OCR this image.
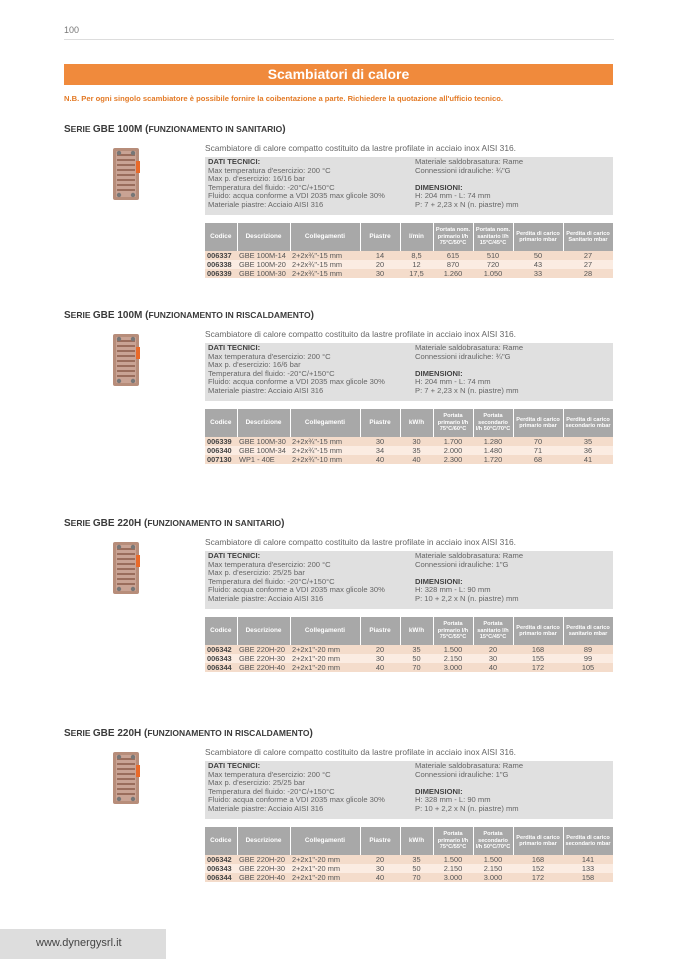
100
Scambiatori di calore
N.B. Per ogni singolo scambiatore è possibile fornire la coibentazione a parte. Richiedere la quotazione all'ufficio tecnico.
SERIE GBE 100M (FUNZIONAMENTO IN SANITARIO)
Scambiatore di calore compatto costituito da lastre profilate in acciaio inox AISI 316.
DATI TECNICI:
Max temperatura d'esercizio: 200 °C
Max p. d'esercizio: 16/16 bar
Temperatura del fluido: -20°C/+150°C
Fluido: acqua conforme a VDI 2035 max glicole 30%
Materiale piastre: Acciaio AISI 316
Materiale saldobrasatura: Rame
Connessioni idrauliche: ¾"G
DIMENSIONI:
H: 204 mm - L: 74 mm
P: 7 + 2,23 x N (n. piastre) mm
Codice	Descrizione	Collegamenti	Piastre	l/min	Portata nom. primario l/h 75°C/50°C	Portata nom. sanitario l/h 15°C/45°C	Perdita di carico primario mbar	Perdita di carico Sanitario mbar
006337	GBE 100M-14	2+2x¾"-15 mm	14	8,5	615	510	50	27
006338	GBE 100M-20	2+2x¾"-15 mm	20	12	870	720	43	27
006339	GBE 100M-30	2+2x¾"-15 mm	30	17,5	1.260	1.050	33	28
SERIE GBE 100M (FUNZIONAMENTO IN RISCALDAMENTO)
Scambiatore di calore compatto costituito da lastre profilate in acciaio inox AISI 316.
DATI TECNICI:
Max temperatura d'esercizio: 200 °C
Max p. d'esercizio: 16/6 bar
Temperatura del fluido: -20°C/+150°C
Fluido: acqua conforme a VDI 2035 max glicole 30%
Materiale piastre: Acciaio AISI 316
Materiale saldobrasatura: Rame
Connessioni idrauliche: ¾"G
DIMENSIONI:
H: 204 mm - L: 74 mm
P: 7 + 2,23 x N (n. piastre) mm
Codice	Descrizione	Collegamenti	Piastre	kW/h	Portata primario l/h 75°C/60°C	Portata secondario l/h 50°C/70°C	Perdita di carico primario mbar	Perdita di carico secondario mbar
006339	GBE 100M-30	2+2x¾"-15 mm	30	30	1.700	1.280	70	35
006340	GBE 100M-34	2+2x¾"-15 mm	34	35	2.000	1.480	71	36
007130	WP1 - 40E	2+2x¾"-10 mm	40	40	2.300	1.720	68	41
SERIE GBE 220H (FUNZIONAMENTO IN SANITARIO)
Scambiatore di calore compatto costituito da lastre profilate in acciaio inox AISI 316.
DATI TECNICI:
Max temperatura d'esercizio: 200 °C
Max p. d'esercizio: 25/25 bar
Temperatura del fluido: -20°C/+150°C
Fluido: acqua conforme a VDI 2035 max glicole 30%
Materiale piastre: Acciaio AISI 316
Materiale saldobrasatura: Rame
Connessioni idrauliche: 1"G
DIMENSIONI:
H: 328 mm - L: 90 mm
P: 10 + 2,2 x N (n. piastre) mm
Codice	Descrizione	Collegamenti	Piastre	kW/h	Portata primario l/h 75°C/55°C	Portata sanitario l/h 15°C/45°C	Perdita di carico primario mbar	Perdita di carico sanitario mbar
006342	GBE 220H-20	2+2x1"-20 mm	20	35	1.500	20	168	89
006343	GBE 220H-30	2+2x1"-20 mm	30	50	2.150	30	155	99
006344	GBE 220H-40	2+2x1"-20 mm	40	70	3.000	40	172	105
SERIE GBE 220H (FUNZIONAMENTO IN RISCALDAMENTO)
Scambiatore di calore compatto costituito da lastre profilate in acciaio inox AISI 316.
DATI TECNICI:
Max temperatura d'esercizio: 200 °C
Max p. d'esercizio: 25/25 bar
Temperatura del fluido: -20°C/+150°C
Fluido: acqua conforme a VDI 2035 max glicole 30%
Materiale piastre: Acciaio AISI 316
Materiale saldobrasatura: Rame
Connessioni idrauliche: 1"G
DIMENSIONI:
H: 328 mm - L: 90 mm
P: 10 + 2,2 x N (n. piastre) mm
Codice	Descrizione	Collegamenti	Piastre	kW/h	Portata primario l/h 75°C/55°C	Portata secondario l/h 50°C/70°C	Perdita di carico primario mbar	Perdita di carico secondario mbar
006342	GBE 220H-20	2+2x1"-20 mm	20	35	1.500	1.500	168	141
006343	GBE 220H-30	2+2x1"-20 mm	30	50	2.150	2.150	152	133
006344	GBE 220H-40	2+2x1"-20 mm	40	70	3.000	3.000	172	158
www.dynergysrl.it
